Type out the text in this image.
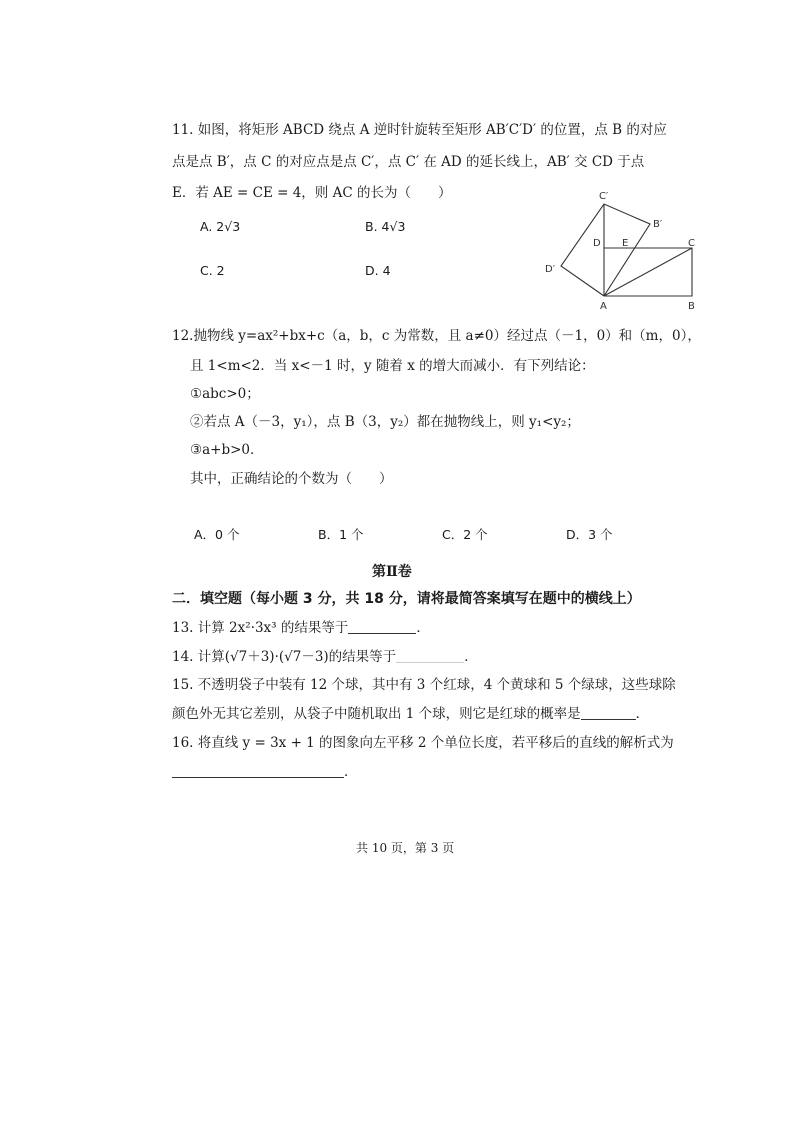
11. 如图，将矩形 ABCD 绕点 A 逆时针旋转至矩形 AB′C′D′ 的位置，点 B 的对应
点是点 B′，点 C 的对应点是点 C′，点 C′ 在 AD 的延长线上，AB′ 交 CD 于点
E．若 AE = CE = 4，则 AC 的长为（　　）
A. 2√3	B. 4√3
C. 2	D. 4
C′
B′
D E	C
D′
A	B
12.抛物线 y=ax²+bx+c（a，b，c 为常数，且 a≠0）经过点（－1，0）和（m，0），
且 1<m<2．当 x<－1 时，y 随着 x 的增大而减小．有下列结论：
①abc>0；
②若点 A（－3，y₁），点 B（3，y₂）都在抛物线上，则 y₁<y₂；
③a+b>0．
其中，正确结论的个数为（　　）
A．0 个	B．1 个	C．2 个	D．3 个
第Ⅱ卷
二．填空题（每小题 3 分，共 18 分，请将最简答案填写在题中的横线上）
13. 计算 2x²·3x³ 的结果等于	．
14. 计算(√7＋3)·(√7－3)的结果等于	．
15. 不透明袋子中装有 12 个球，其中有 3 个红球，4 个黄球和 5 个绿球，这些球除
颜色外无其它差别，从袋子中随机取出 1 个球，则它是红球的概率是	．
16. 将直线 y = 3x + 1 的图象向左平移 2 个单位长度，若平移后的直线的解析式为
．
共 10 页，第 3 页
